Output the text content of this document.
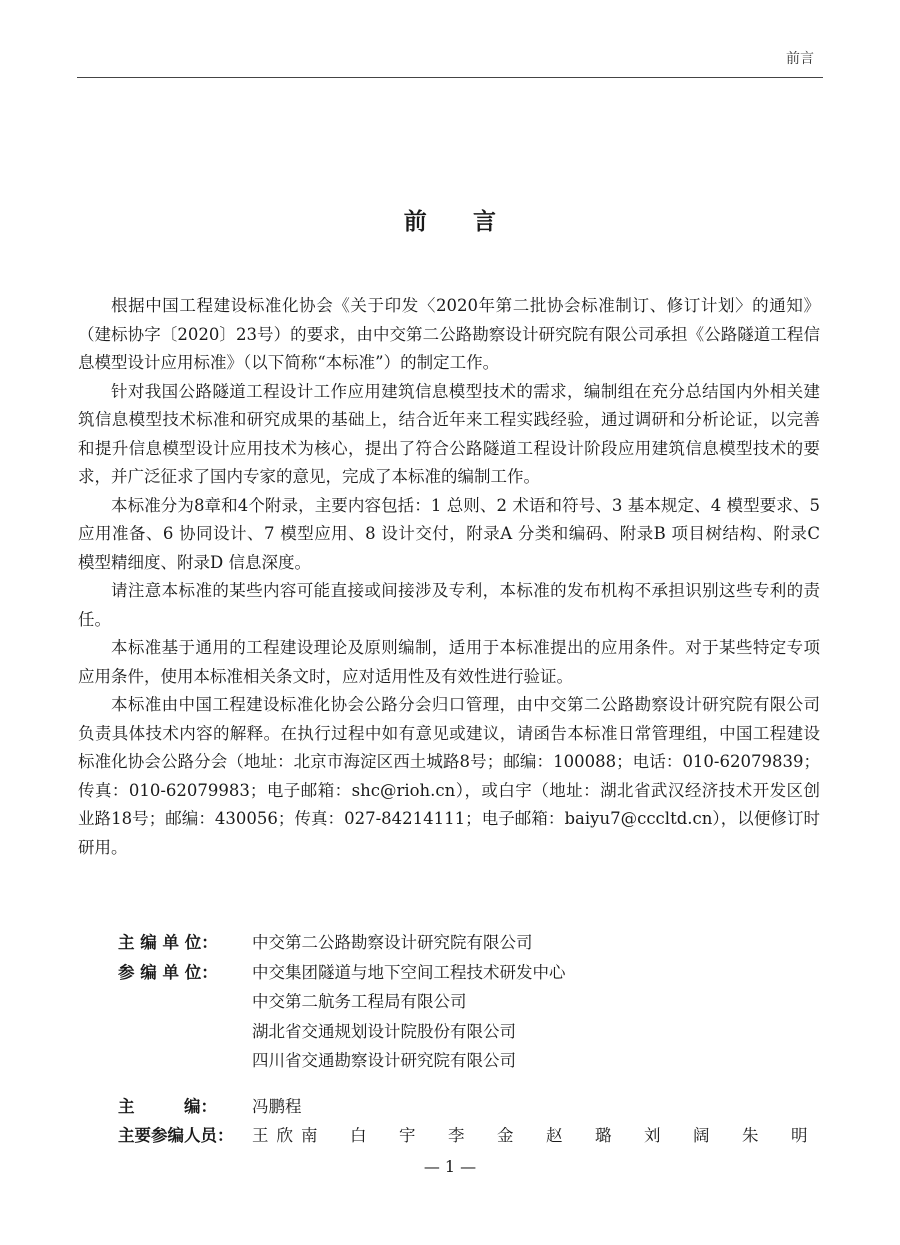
前言
前 言

根据中国工程建设标准化协会《关于印发〈2020年第二批协会标准制订、修订计划〉的通知》（建标协字〔2020〕23号）的要求，由中交第二公路勘察设计研究院有限公司承担《公路隧道工程信息模型设计应用标准》（以下简称“本标准”）的制定工作。

针对我国公路隧道工程设计工作应用建筑信息模型技术的需求，编制组在充分总结国内外相关建筑信息模型技术标准和研究成果的基础上，结合近年来工程实践经验，通过调研和分析论证，以完善和提升信息模型设计应用技术为核心，提出了符合公路隧道工程设计阶段应用建筑信息模型技术的要求，并广泛征求了国内专家的意见，完成了本标准的编制工作。

本标准分为8章和4个附录，主要内容包括：1 总则、2 术语和符号、3 基本规定、4 模型要求、5 应用准备、6 协同设计、7 模型应用、8 设计交付，附录A 分类和编码、附录B 项目树结构、附录C 模型精细度、附录D 信息深度。

请注意本标准的某些内容可能直接或间接涉及专利，本标准的发布机构不承担识别这些专利的责任。

本标准基于通用的工程建设理论及原则编制，适用于本标准提出的应用条件。对于某些特定专项应用条件，使用本标准相关条文时，应对适用性及有效性进行验证。

本标准由中国工程建设标准化协会公路分会归口管理，由中交第二公路勘察设计研究院有限公司负责具体技术内容的解释。在执行过程中如有意见或建议，请函告本标准日常管理组，中国工程建设标准化协会公路分会（地址：北京市海淀区西土城路8号；邮编：100088；电话：010-62079839；传真：010-62079983；电子邮箱：shc@rioh.cn），或白宇（地址：湖北省武汉经济技术开发区创业路18号；邮编：430056；传真：027-84214111；电子邮箱：baiyu7@cccltd.cn），以便修订时研用。

主 编 单 位：	中交第二公路勘察设计研究院有限公司
参 编 单 位：	中交集团隧道与地下空间工程技术研发中心
中交第二航务工程局有限公司
湖北省交通规划设计院股份有限公司
四川省交通勘察设计研究院有限公司
主　　　编：	冯鹏程
主要参编人员：	王欣南　白　宇　李　金　赵　璐　刘　阔　朱　明
— 1 —
